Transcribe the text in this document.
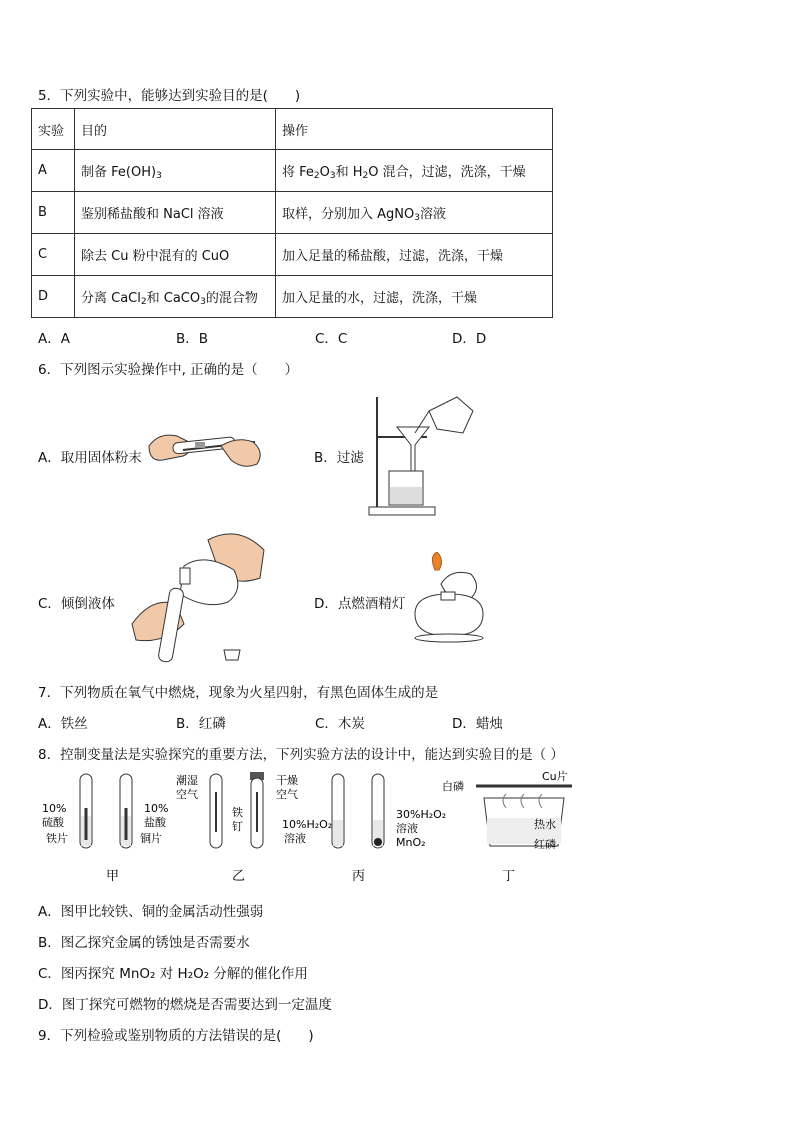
5．下列实验中，能够达到实验目的是(　　)
实验	目的	操作
A	制备 $Fe(OH)_3$	将 $Fe_2O_3$和 $H_2O$ 混合，过滤，洗涤，干燥
B	鉴别稀盐酸和 NaCl 溶液	取样，分别加入 AgNO$_3$溶液
C	除去 Cu 粉中混有的 CuO	加入足量的稀盐酸，过滤，洗涤，干燥
D	分离 CaCl$_2$和 CaCO$_3$的混合物	加入足量的水，过滤，洗涤，干燥
A．A	B．B	C．C	D．D
6．下列图示实验操作中, 正确的是（　　）
A．取用固体粉末	B．过滤
C．倾倒液体	D．点燃酒精灯
7．下列物质在氧气中燃烧，现象为火星四射，有黑色固体生成的是
A．铁丝	B．红磷	C．木炭	D．蜡烛
8．控制变量法是实验探究的重要方法，下列实验方法的设计中，能达到实验目的是（ ）
10%
硫酸
铁片
10%
盐酸
铜片
甲
潮湿
空气
铁
钉
干燥
空气
乙
10%H₂O₂
溶液
30%H₂O₂
溶液
MnO₂
丙
白磷
Cu片
热水
红磷
丁
A．图甲比较铁、铜的金属活动性强弱
B．图乙探究金属的锈蚀是否需要水
C．图丙探究 MnO₂ 对 H₂O₂ 分解的催化作用
D．图丁探究可燃物的燃烧是否需要达到一定温度
9．下列检验或鉴别物质的方法错误的是(　　)
